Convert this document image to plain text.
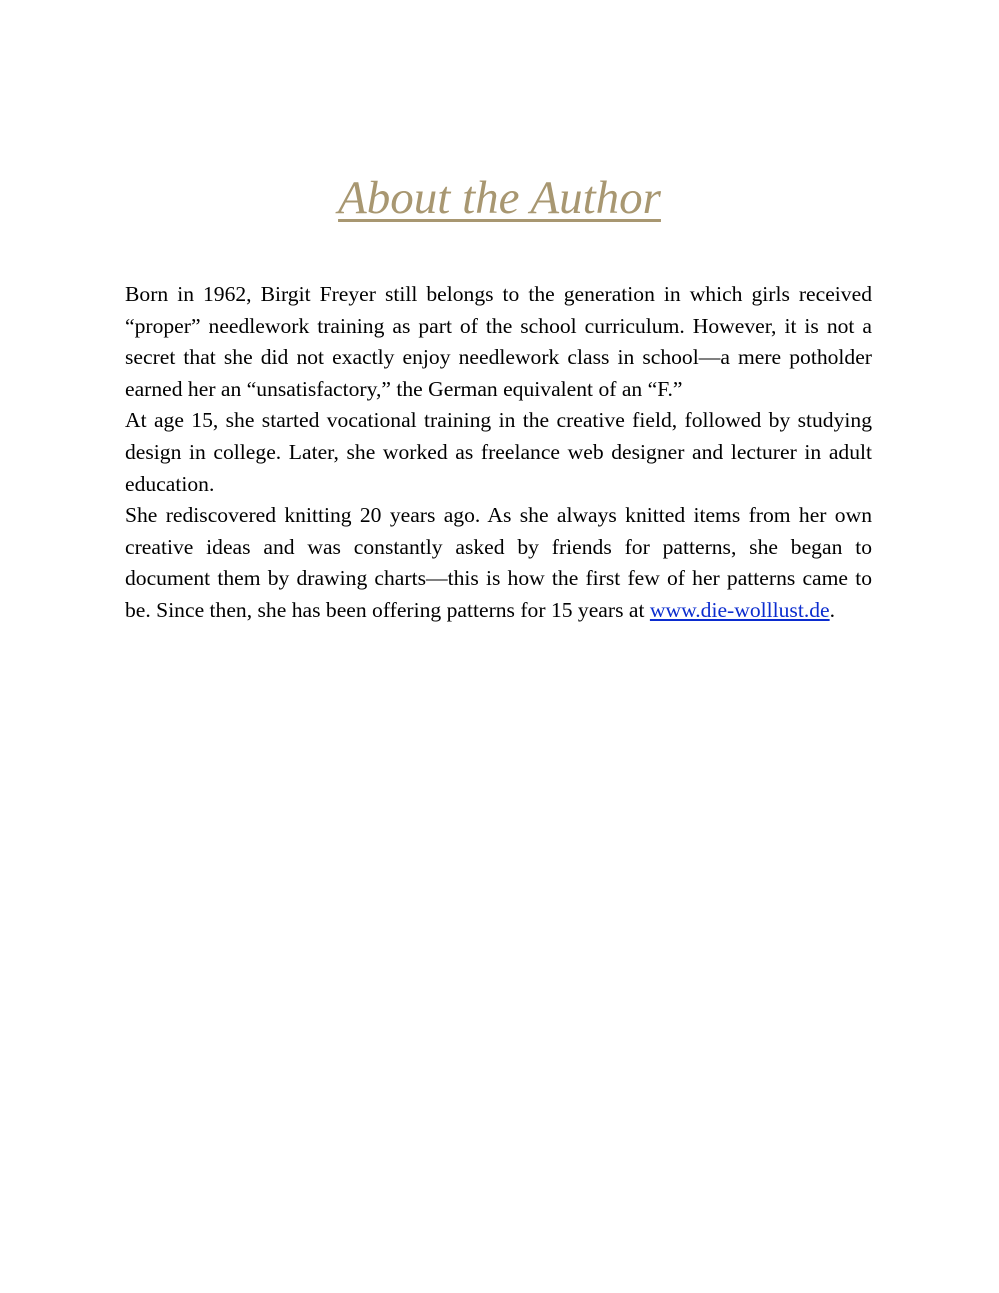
About the Author

Born in 1962, Birgit Freyer still belongs to the generation in which girls received “proper” needlework training as part of the school curriculum. However, it is not a secret that she did not exactly enjoy needlework class in school—a mere potholder earned her an “unsatisfactory,” the German equivalent of an “F.”

At age 15, she started vocational training in the creative field, followed by studying design in college. Later, she worked as freelance web designer and lecturer in adult education.

She rediscovered knitting 20 years ago. As she always knitted items from her own creative ideas and was constantly asked by friends for patterns, she began to document them by drawing charts—this is how the first few of her patterns came to be. Since then, she has been offering patterns for 15 years at www.die-wolllust.de.
